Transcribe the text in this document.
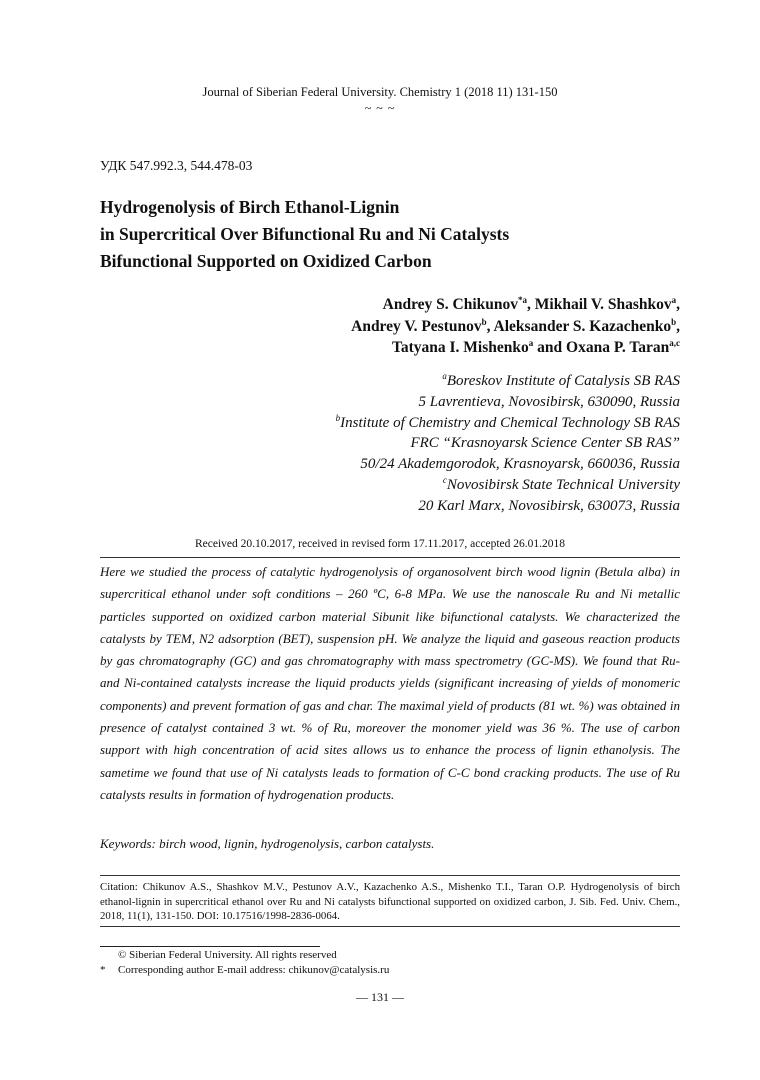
Journal of Siberian Federal University. Chemistry 1 (2018 11) 131-150
~ ~ ~
УДК 547.992.3, 544.478-03
Hydrogenolysis of Birch Ethanol-Lignin
in Supercritical Over Bifunctional Ru and Ni Catalysts
Bifunctional Supported on Oxidized Carbon
Andrey S. Chikunov$^{*a}$, Mikhail V. Shashkov$^a$,
Andrey V. Pestunov$^b$, Aleksander S. Kazachenko$^b$,
Tatyana I. Mishenko$^a$ and Oxana P. Taran$^{a,c}$
$^a$Boreskov Institute of Catalysis SB RAS
5 Lavrentieva, Novosibirsk, 630090, Russia
$^b$Institute of Chemistry and Chemical Technology SB RAS
FRC “Krasnoyarsk Science Center SB RAS”
50/24 Akademgorodok, Krasnoyarsk, 660036, Russia
$^c$Novosibirsk State Technical University
20 Karl Marx, Novosibirsk, 630073, Russia
Received 20.10.2017, received in revised form 17.11.2017, accepted 26.01.2018
Here we studied the process of catalytic hydrogenolysis of organosolvent birch wood lignin (Betula alba) in supercritical ethanol under soft conditions – 260 ºC, 6-8 MPa. We use the nanoscale Ru and Ni metallic particles supported on oxidized carbon material Sibunit like bifunctional catalysts. We characterized the catalysts by TEM, N2 adsorption (BET), suspension pH. We analyze the liquid and gaseous reaction products by gas chromatography (GC) and gas chromatography with mass spectrometry (GC-MS). We found that Ru- and Ni-contained catalysts increase the liquid products yields (significant increasing of yields of monomeric components) and prevent formation of gas and char. The maximal yield of products (81 wt. %) was obtained in presence of catalyst contained 3 wt. % of Ru, moreover the monomer yield was 36 %. The use of carbon support with high concentration of acid sites allows us to enhance the process of lignin ethanolysis. The sametime we found that use of Ni catalysts leads to formation of C-C bond cracking products. The use of Ru catalysts results in formation of hydrogenation products.
Keywords: birch wood, lignin, hydrogenolysis, carbon catalysts.
Citation: Chikunov A.S., Shashkov M.V., Pestunov A.V., Kazachenko A.S., Mishenko T.I., Taran O.P. Hydrogenolysis of birch ethanol-lignin in supercritical ethanol over Ru and Ni catalysts bifunctional supported on oxidized carbon, J. Sib. Fed. Univ. Chem., 2018, 11(1), 131-150. DOI: 10.17516/1998-2836-0064.
© Siberian Federal University. All rights reserved
* Corresponding author E-mail address: chikunov@catalysis.ru
— 131 —
